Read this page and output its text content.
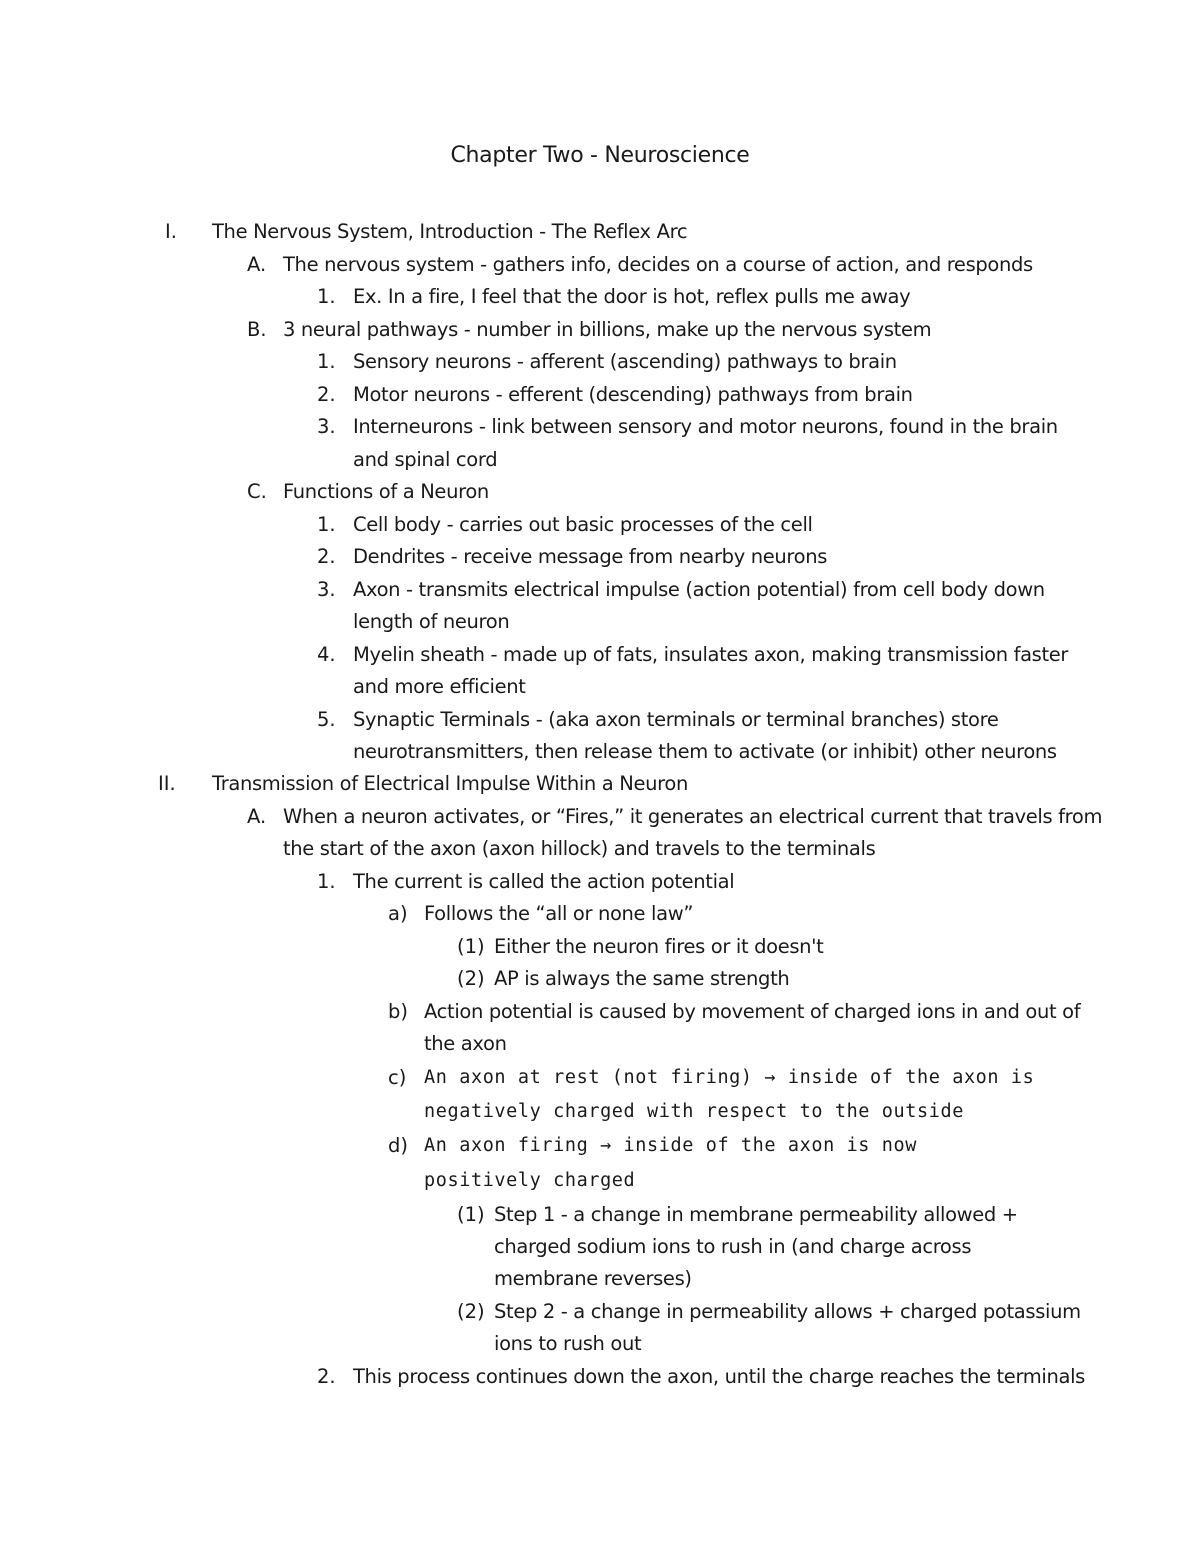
Chapter Two - Neuroscience
I. The Nervous System, Introduction - The Reflex Arc
A. The nervous system - gathers info, decides on a course of action, and responds
1. Ex. In a fire, I feel that the door is hot, reflex pulls me away
B. 3 neural pathways - number in billions, make up the nervous system
1. Sensory neurons - afferent (ascending) pathways to brain
2. Motor neurons - efferent (descending) pathways from brain
3. Interneurons - link between sensory and motor neurons, found in the brain
and spinal cord
C. Functions of a Neuron
1. Cell body - carries out basic processes of the cell
2. Dendrites - receive message from nearby neurons
3. Axon - transmits electrical impulse (action potential) from cell body down
length of neuron
4. Myelin sheath - made up of fats, insulates axon, making transmission faster
and more efficient
5. Synaptic Terminals - (aka axon terminals or terminal branches) store
neurotransmitters, then release them to activate (or inhibit) other neurons
II. Transmission of Electrical Impulse Within a Neuron
A. When a neuron activates, or “Fires,” it generates an electrical current that travels from
the start of the axon (axon hillock) and travels to the terminals
1. The current is called the action potential
a) Follows the “all or none law”
(1) Either the neuron fires or it doesn't
(2) AP is always the same strength
b) Action potential is caused by movement of charged ions in and out of
the axon
c) An axon at rest (not firing) → inside of the axon is
negatively charged with respect to the outside
d) An axon firing → inside of the axon is now
positively charged
(1) Step 1 - a change in membrane permeability allowed +
charged sodium ions to rush in (and charge across
membrane reverses)
(2) Step 2 - a change in permeability allows + charged potassium
ions to rush out
2. This process continues down the axon, until the charge reaches the terminals
